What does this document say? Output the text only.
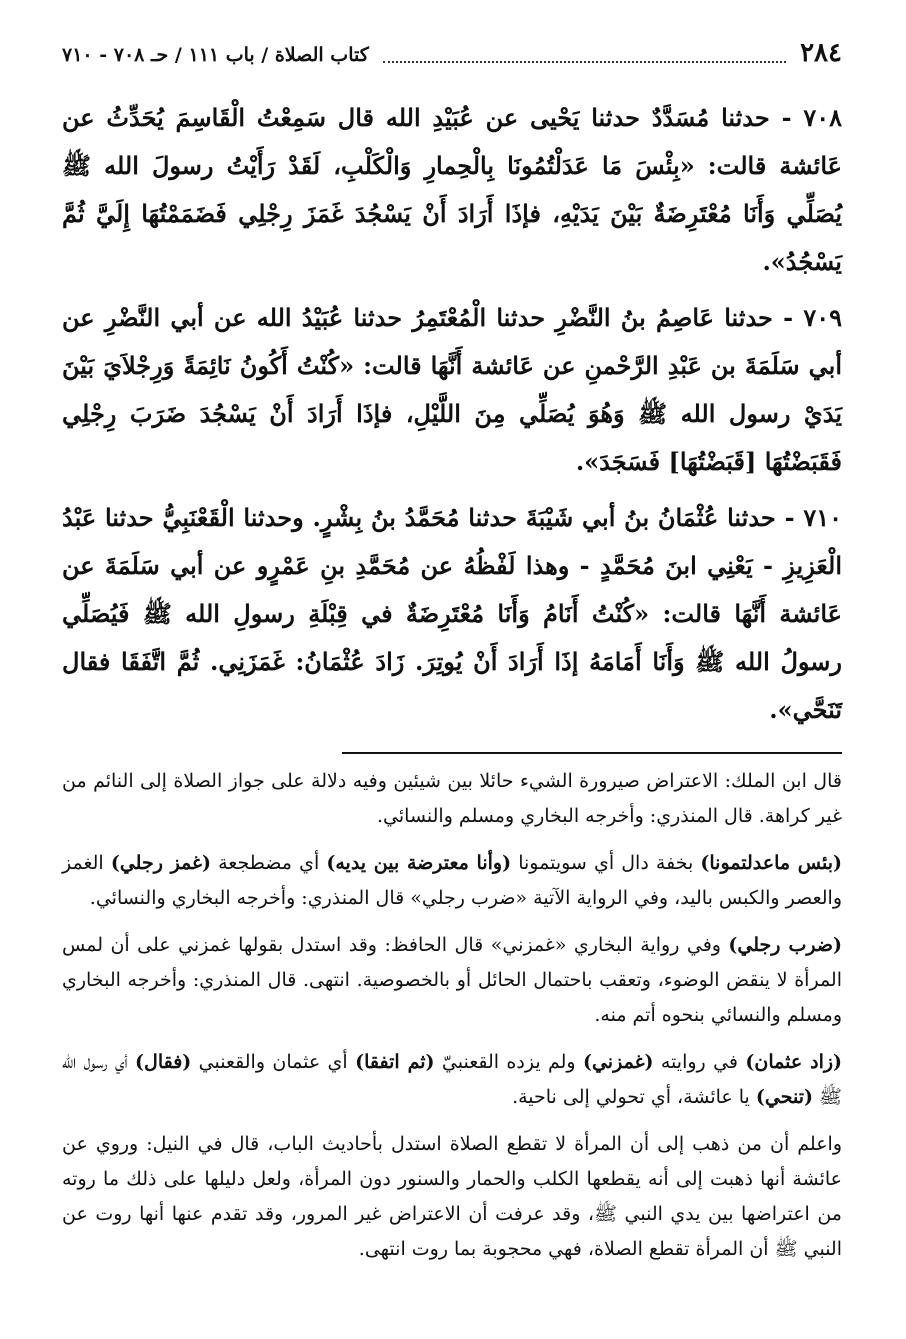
٢٨٤
كتاب الصلاة / باب ١١١ / حـ ٧٠٨ - ٧١٠

٧٠٨ - حدثنا مُسَدَّدٌ حدثنا يَحْيى عن عُبَيْدِ الله قال سَمِعْتُ الْقَاسِمَ يُحَدِّثُ عن عَائشة قالت: «بِئْسَ مَا عَدَلْتُمُونَا بِالْحِمارِ وَالْكَلْبِ، لَقَدْ رَأَيْتُ رسولَ الله ﷺ يُصَلِّي وَأَنَا مُعْتَرِضَةٌ بَيْنَ يَدَيْهِ، فإذَا أَرَادَ أَنْ يَسْجُدَ غَمَزَ رِجْلِي فَضَمَمْتُهَا إِلَيَّ ثُمَّ يَسْجُدُ».

٧٠٩ - حدثنا عَاصِمُ بنُ النَّضْرِ حدثنا الْمُعْتَمِرُ حدثنا عُبَيْدُ الله عن أبي النَّضْرِ عن أبي سَلَمَةَ بن عَبْدِ الرَّحْمنِ عن عَائشة أَنَّهَا قالت: «كُنْتُ أَكُونُ نَائِمَةً وَرِجْلاَيَ بَيْنَ يَدَيْ رسول الله ﷺ وَهُوَ يُصَلِّي مِنَ اللَّيْلِ، فإذَا أَرَادَ أَنْ يَسْجُدَ ضَرَبَ رِجْلِي فَقَبَضْتُهَا [قَبَضْتُهَا] فَسَجَدَ».

٧١٠ - حدثنا عُثْمَانُ بنُ أبي شَيْبَةَ حدثنا مُحَمَّدُ بنُ بِشْرٍ. وحدثنا الْقَعْنَبِيُّ حدثنا عَبْدُ الْعَزِيزِ - يَعْنِي ابنَ مُحَمَّدٍ - وهذا لَفْظُهُ عن مُحَمَّدِ بنِ عَمْرٍو عن أبي سَلَمَةَ عن عَائشة أَنَّهَا قالت: «كُنْتُ أَنَامُ وَأَنَا مُعْتَرِضَةٌ في قِبْلَةِ رسولِ الله ﷺ فَيُصَلِّي رسولُ الله ﷺ وَأَنَا أَمَامَهُ إذَا أَرَادَ أَنْ يُوتِرَ. زَادَ عُثْمَانُ: غَمَزَنِي. ثُمَّ اتَّفَقَا فقال تَنَحَّي».

قال ابن الملك: الاعتراض صيرورة الشيء حائلا بين شيئين وفيه دلالة على جواز الصلاة إلى النائم من غير كراهة. قال المنذري: وأخرجه البخاري ومسلم والنسائي.
(بئس ماعدلتمونا) بخفة دال أي سويتمونا (وأنا معترضة بين يديه) أي مضطجعة (غمز رجلي) الغمز والعصر والكبس باليد، وفي الرواية الآتية «ضرب رجلي» قال المنذري: وأخرجه البخاري والنسائي.
(ضرب رجلي) وفي رواية البخاري «غمزني» قال الحافظ: وقد استدل بقولها غمزني على أن لمس المرأة لا ينقض الوضوء، وتعقب باحتمال الحائل أو بالخصوصية. انتهى. قال المنذري: وأخرجه البخاري ومسلم والنسائي بنحوه أتم منه.
(زاد عثمان) في روايته (غمزني) ولم يزده القعنبيّ (ثم اتفقا) أي عثمان والقعنبي (فقال) أي رسول الله ﷺ (تنحي) يا عائشة، أي تحولي إلى ناحية.
واعلم أن من ذهب إلى أن المرأة لا تقطع الصلاة استدل بأحاديث الباب، قال في النيل: وروي عن عائشة أنها ذهبت إلى أنه يقطعها الكلب والحمار والسنور دون المرأة، ولعل دليلها على ذلك ما روته من اعتراضها بين يدي النبي ﷺ، وقد عرفت أن الاعتراض غير المرور، وقد تقدم عنها أنها روت عن النبي ﷺ أن المرأة تقطع الصلاة، فهي محجوبة بما روت انتهى.
